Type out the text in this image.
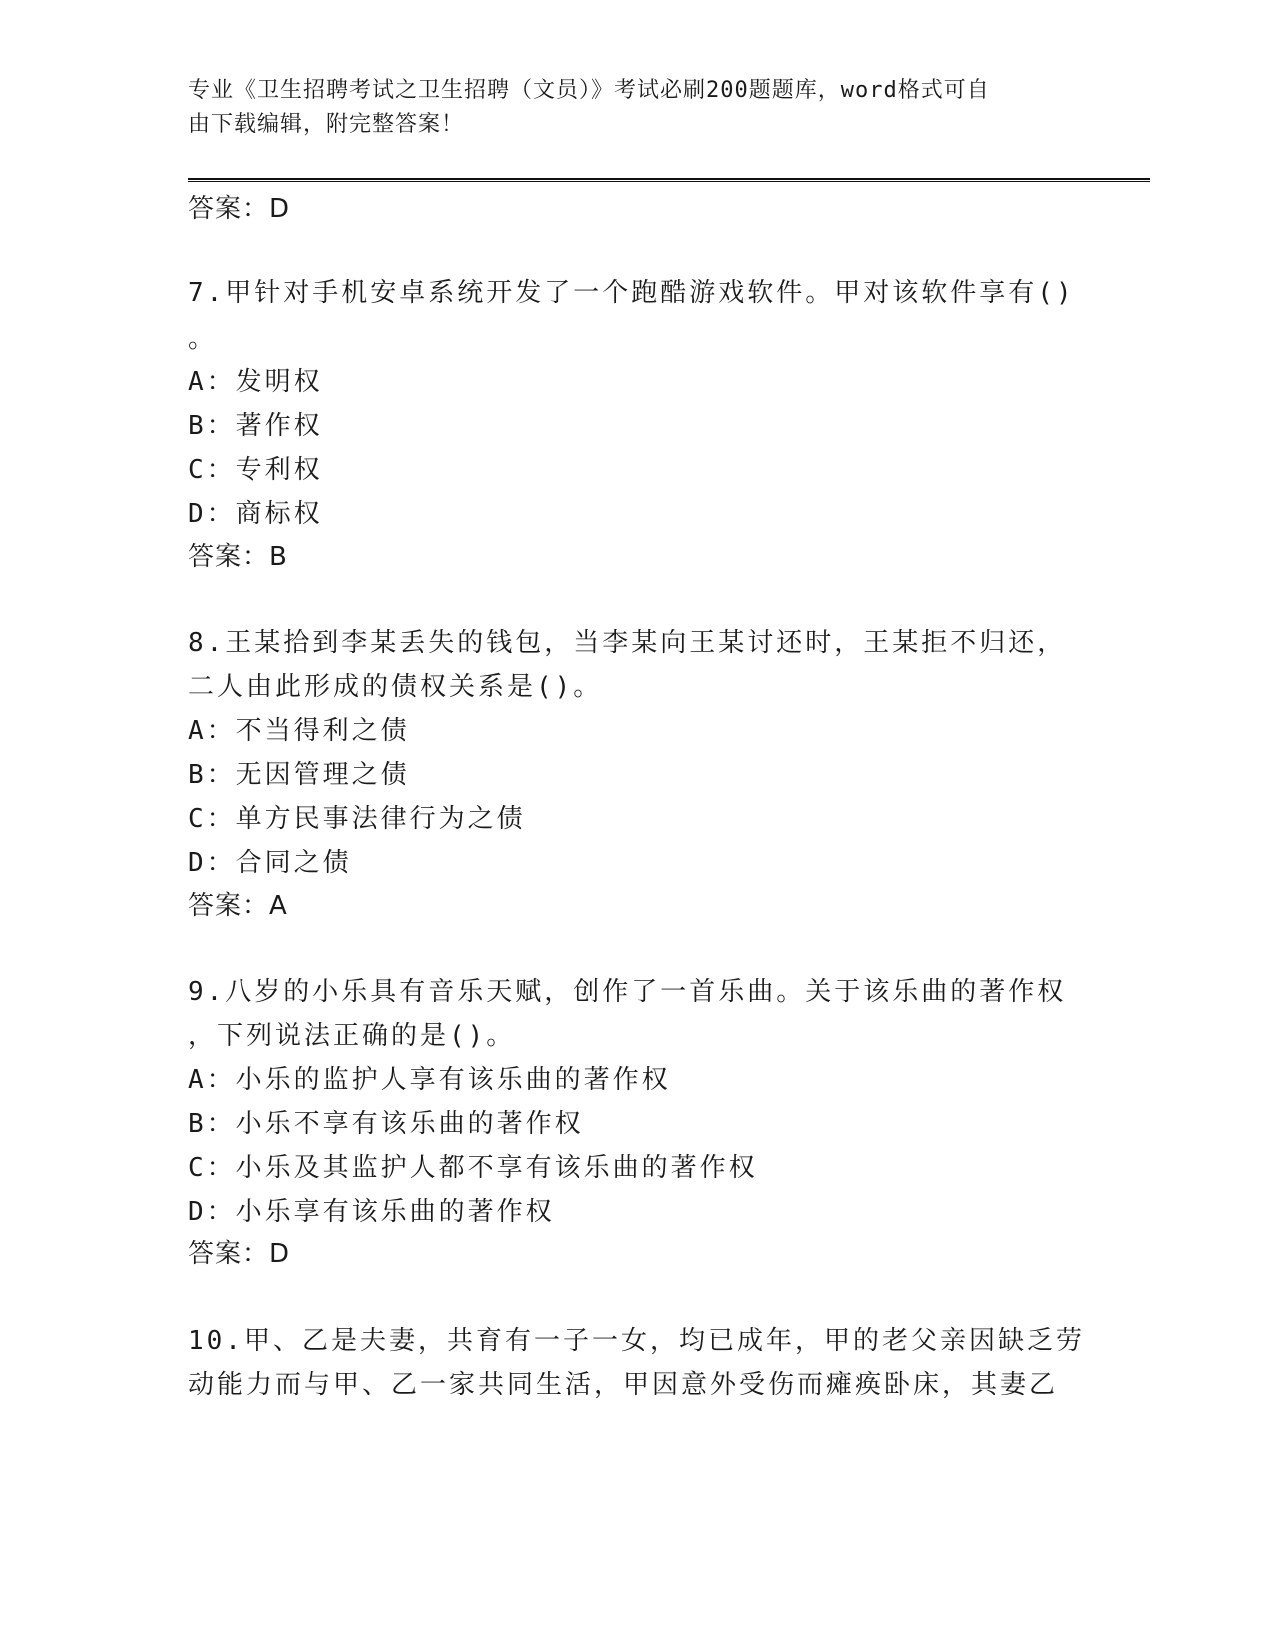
专业《卫生招聘考试之卫生招聘（文员）》考试必刷200题题库，word格式可自
由下载编辑，附完整答案！

答案：D

7.甲针对手机安卓系统开发了一个跑酷游戏软件。甲对该软件享有()

。

A：发明权

B：著作权

C：专利权

D：商标权

答案：B

8.王某拾到李某丢失的钱包，当李某向王某讨还时，王某拒不归还，

二人由此形成的债权关系是()。

A：不当得利之债

B：无因管理之债

C：单方民事法律行为之债

D：合同之债

答案：A

9.八岁的小乐具有音乐天赋，创作了一首乐曲。关于该乐曲的著作权

，下列说法正确的是()。

A：小乐的监护人享有该乐曲的著作权

B：小乐不享有该乐曲的著作权

C：小乐及其监护人都不享有该乐曲的著作权

D：小乐享有该乐曲的著作权

答案：D

10.甲、乙是夫妻，共育有一子一女，均已成年，甲的老父亲因缺乏劳

动能力而与甲、乙一家共同生活，甲因意外受伤而瘫痪卧床，其妻乙
